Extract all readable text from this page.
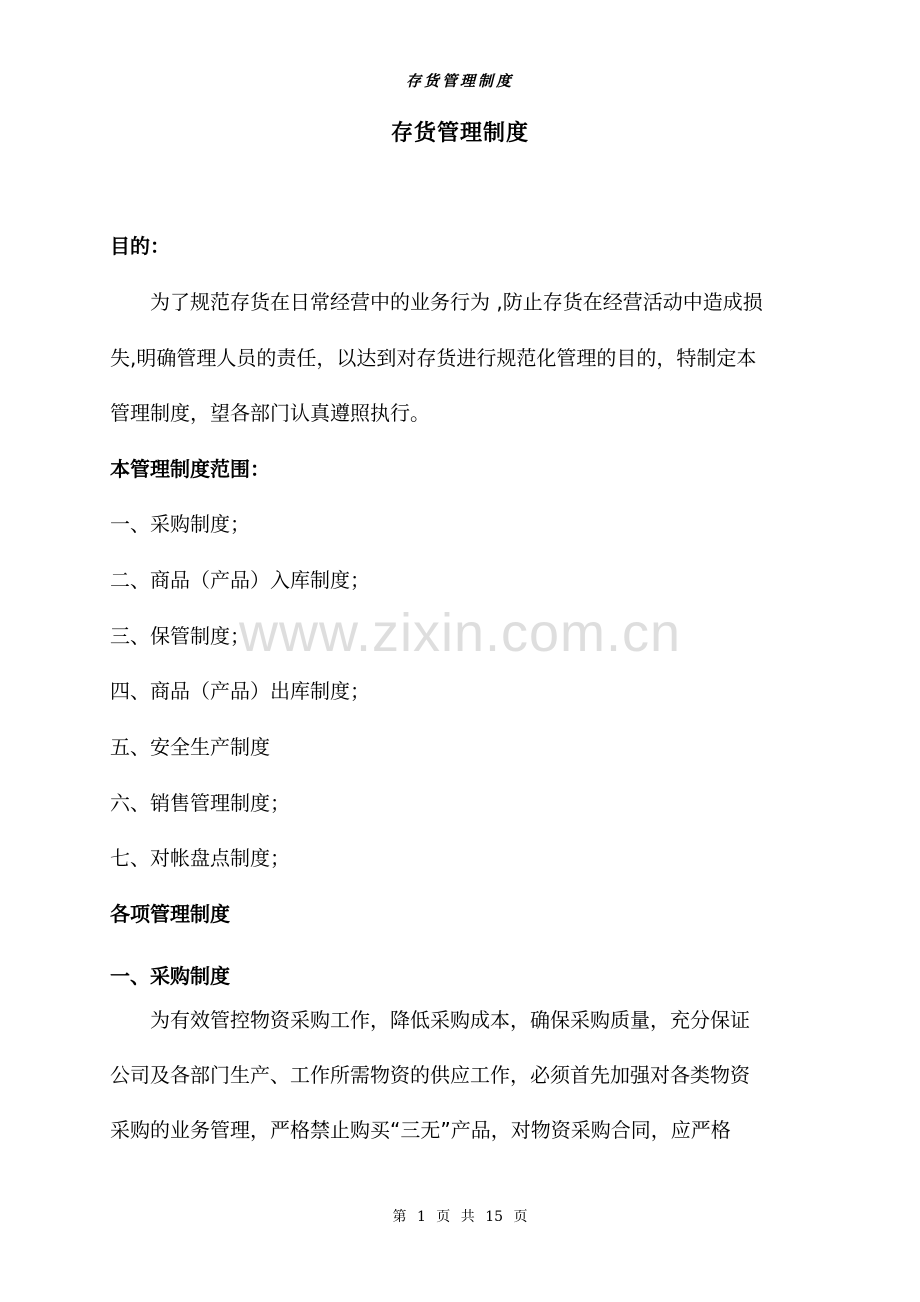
存货管理制度
存货管理制度
目的：
为了规范存货在日常经营中的业务行为 ,防止存货在经营活动中造成损
失,明确管理人员的责任，以达到对存货进行规范化管理的目的，特制定本
管理制度，望各部门认真遵照执行。
本管理制度范围：
一、采购制度；
二、商品（产品）入库制度；
三、保管制度；
四、商品（产品）出库制度；
五、安全生产制度
六、销售管理制度；
七、对帐盘点制度；
各项管理制度
一、采购制度
为有效管控物资采购工作，降低采购成本，确保采购质量，充分保证
公司及各部门生产、工作所需物资的供应工作，必须首先加强对各类物资
采购的业务管理，严格禁止购买“三无”产品，对物资采购合同，应严格
www.zixin.com.cn
第 1 页 共 15 页
